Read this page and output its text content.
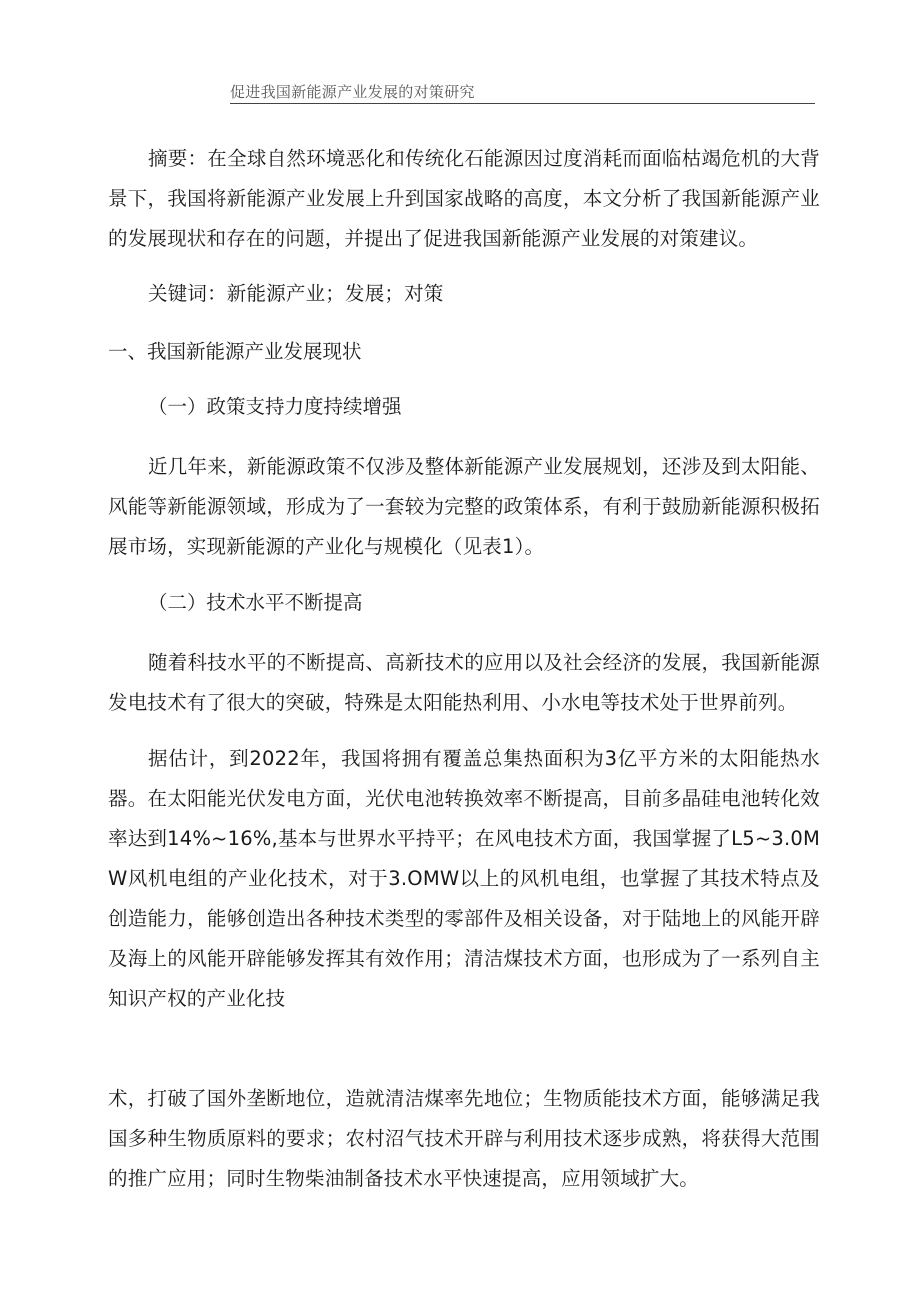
促进我国新能源产业发展的对策研究

摘要：在全球自然环境恶化和传统化石能源因过度消耗而面临枯竭危机的大背景下，我国将新能源产业发展上升到国家战略的高度，本文分析了我国新能源产业的发展现状和存在的问题，并提出了促进我国新能源产业发展的对策建议。

关键词：新能源产业；发展；对策

一、我国新能源产业发展现状

（一）政策支持力度持续增强

近几年来，新能源政策不仅涉及整体新能源产业发展规划，还涉及到太阳能、风能等新能源领域，形成为了一套较为完整的政策体系，有利于鼓励新能源积极拓展市场，实现新能源的产业化与规模化（见表1）。

（二）技术水平不断提高

随着科技水平的不断提高、高新技术的应用以及社会经济的发展，我国新能源发电技术有了很大的突破，特殊是太阳能热利用、小水电等技术处于世界前列。

据估计，到2022年，我国将拥有覆盖总集热面积为3亿平方米的太阳能热水器。在太阳能光伏发电方面，光伏电池转换效率不断提高，目前多晶硅电池转化效率达到14%~16%,基本与世界水平持平；在风电技术方面，我国掌握了L5~3.0MW风机电组的产业化技术，对于3.OMW以上的风机电组，也掌握了其技术特点及创造能力，能够创造出各种技术类型的零部件及相关设备，对于陆地上的风能开辟及海上的风能开辟能够发挥其有效作用；清洁煤技术方面，也形成为了一系列自主知识产权的产业化技

术，打破了国外垄断地位，造就清洁煤率先地位；生物质能技术方面，能够满足我国多种生物质原料的要求；农村沼气技术开辟与利用技术逐步成熟，将获得大范围的推广应用；同时生物柴油制备技术水平快速提高，应用领域扩大。
